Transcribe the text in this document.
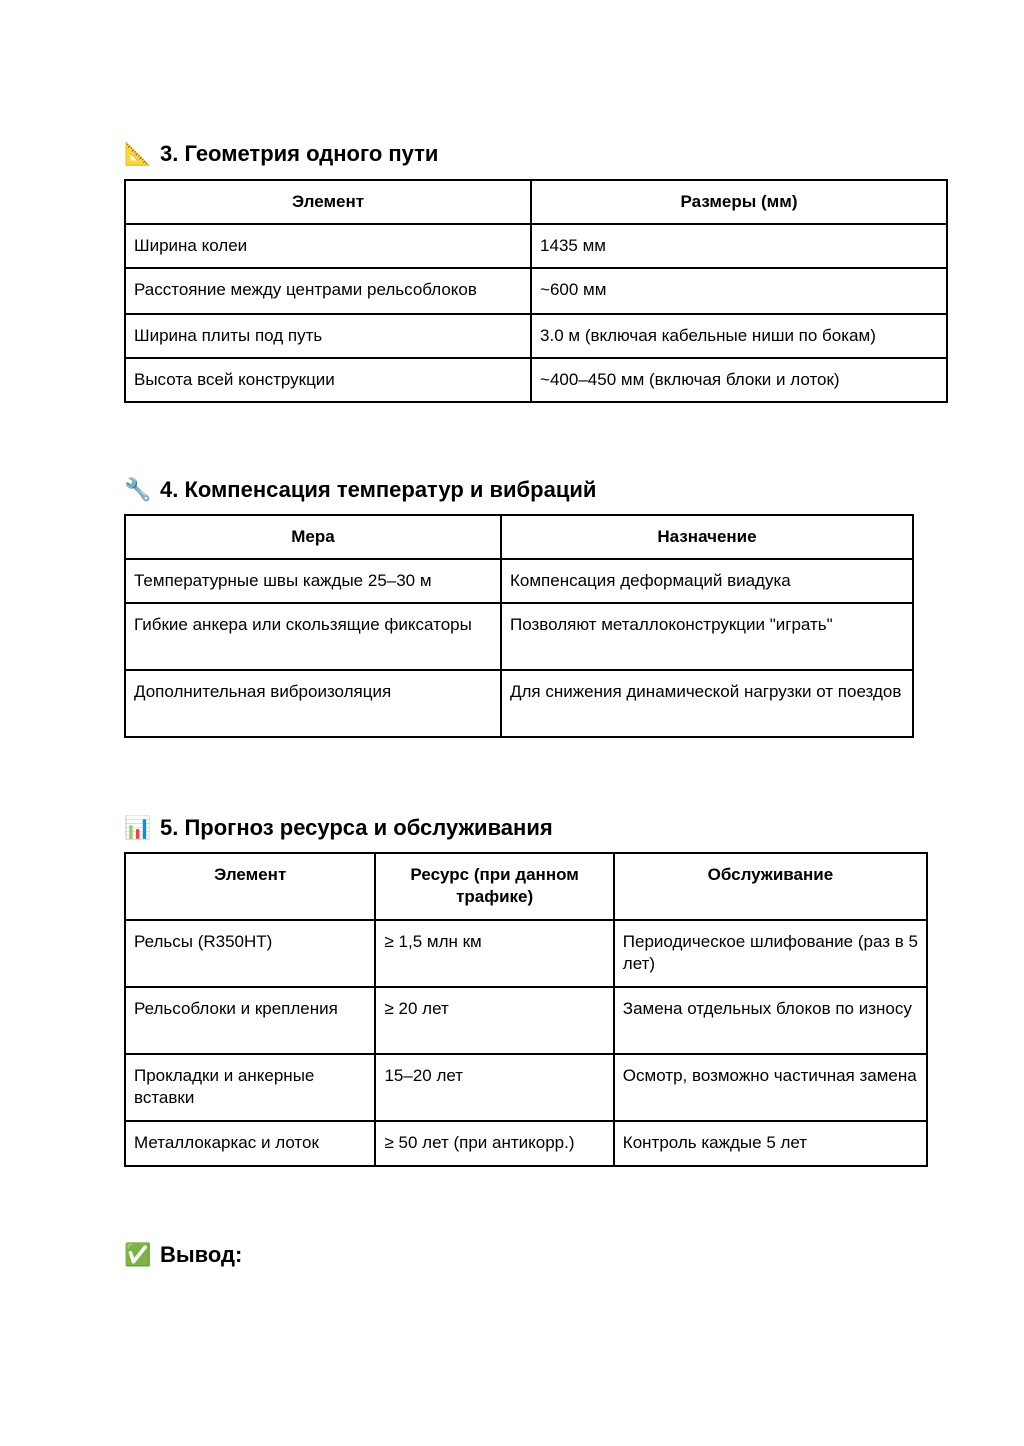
📐 3. Геометрия одного пути
Элемент	Размеры (мм)
Ширина колеи	1435 мм
Расстояние между центрами рельсоблоков	~600 мм
Ширина плиты под путь	3.0 м (включая кабельные ниши по бокам)
Высота всей конструкции	~400–450 мм (включая блоки и лоток)
🔧 4. Компенсация температур и вибраций
Мера	Назначение
Температурные швы каждые 25–30 м	Компенсация деформаций виадука
Гибкие анкера или скользящие фиксаторы	Позволяют металлоконструкции "играть"
Дополнительная виброизоляция	Для снижения динамической нагрузки от поездов
📊 5. Прогноз ресурса и обслуживания
Элемент	Ресурс (при данном трафике)	Обслуживание
Рельсы (R350HT)	≥ 1,5 млн км	Периодическое шлифование (раз в 5 лет)
Рельсоблоки и крепления	≥ 20 лет	Замена отдельных блоков по износу
Прокладки и анкерные вставки	15–20 лет	Осмотр, возможно частичная замена
Металлокаркас и лоток	≥ 50 лет (при антикорр.)	Контроль каждые 5 лет
✅ Вывод:
